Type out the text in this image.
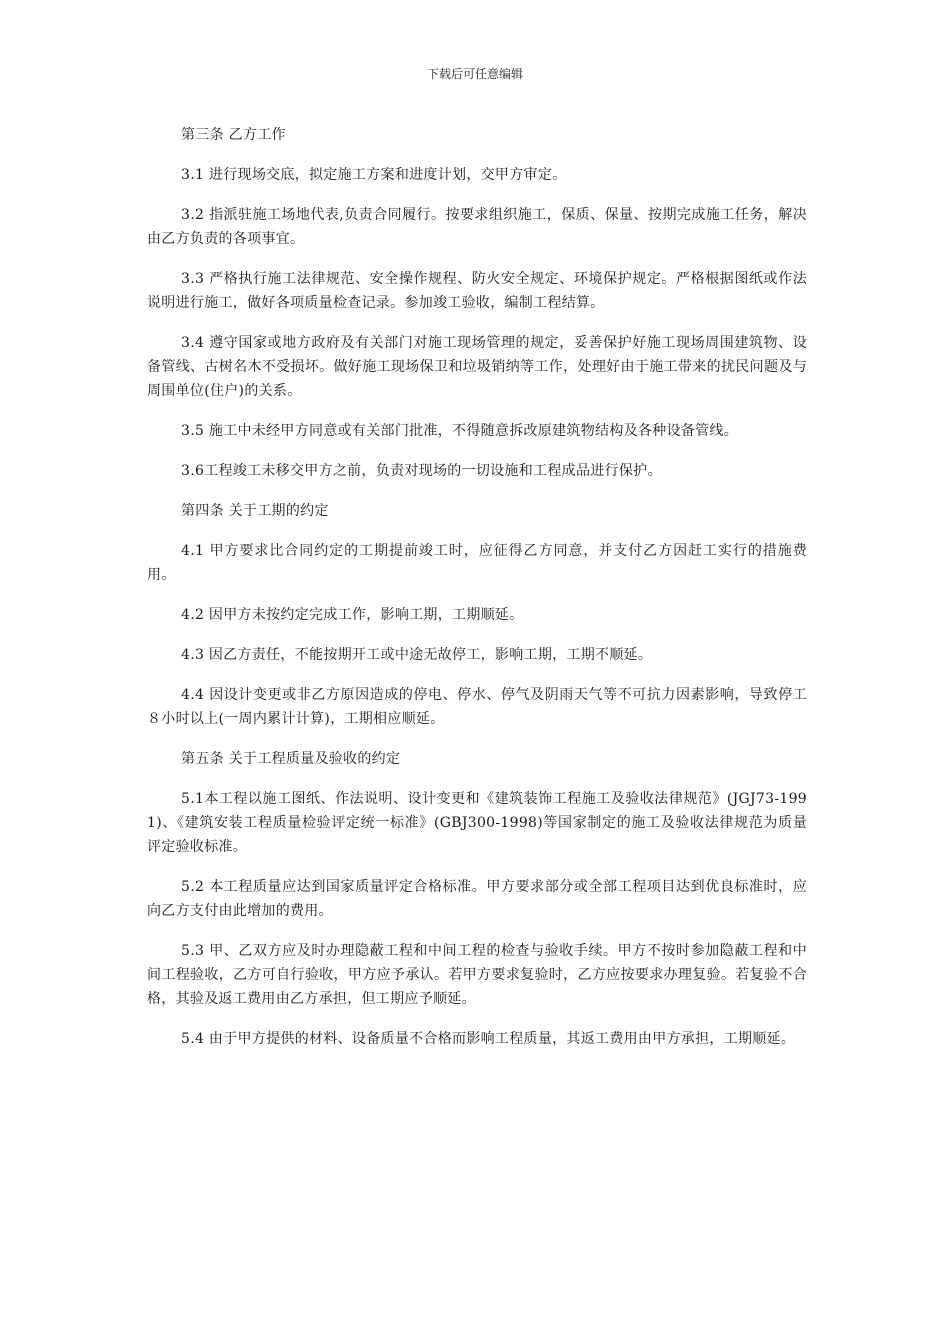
下载后可任意编辑

第三条 乙方工作

3.1 进行现场交底，拟定施工方案和进度计划，交甲方审定。

3.2 指派驻施工场地代表,负责合同履行。按要求组织施工，保质、保量、按期完成施工任务，解决由乙方负责的各项事宜。

3.3 严格执行施工法律规范、安全操作规程、防火安全规定、环境保护规定。严格根据图纸或作法说明进行施工，做好各项质量检查记录。参加竣工验收，编制工程结算。

3.4 遵守国家或地方政府及有关部门对施工现场管理的规定，妥善保护好施工现场周围建筑物、设备管线、古树名木不受损坏。做好施工现场保卫和垃圾销纳等工作，处理好由于施工带来的扰民问题及与周围单位(住户)的关系。

3.5 施工中未经甲方同意或有关部门批准，不得随意拆改原建筑物结构及各种设备管线。

3.6工程竣工未移交甲方之前，负责对现场的一切设施和工程成品进行保护。

第四条 关于工期的约定

4.1 甲方要求比合同约定的工期提前竣工时，应征得乙方同意，并支付乙方因赶工实行的措施费用。

4.2 因甲方未按约定完成工作，影响工期，工期顺延。

4.3 因乙方责任，不能按期开工或中途无故停工，影响工期，工期不顺延。

4.4 因设计变更或非乙方原因造成的停电、停水、停气及阴雨天气等不可抗力因素影响，导致停工８小时以上(一周内累计计算)，工期相应顺延。

第五条 关于工程质量及验收的约定

5.1本工程以施工图纸、作法说明、设计变更和《建筑装饰工程施工及验收法律规范》(JGJ73-1991)、《建筑安装工程质量检验评定统一标准》(GBJ300-1998)等国家制定的施工及验收法律规范为质量评定验收标准。

5.2 本工程质量应达到国家质量评定合格标准。甲方要求部分或全部工程项目达到优良标准时，应向乙方支付由此增加的费用。

5.3 甲、乙双方应及时办理隐蔽工程和中间工程的检查与验收手续。甲方不按时参加隐蔽工程和中间工程验收，乙方可自行验收，甲方应予承认。若甲方要求复验时，乙方应按要求办理复验。若复验不合格，其验及返工费用由乙方承担，但工期应予顺延。

5.4 由于甲方提供的材料、设备质量不合格而影响工程质量，其返工费用由甲方承担，工期顺延。
